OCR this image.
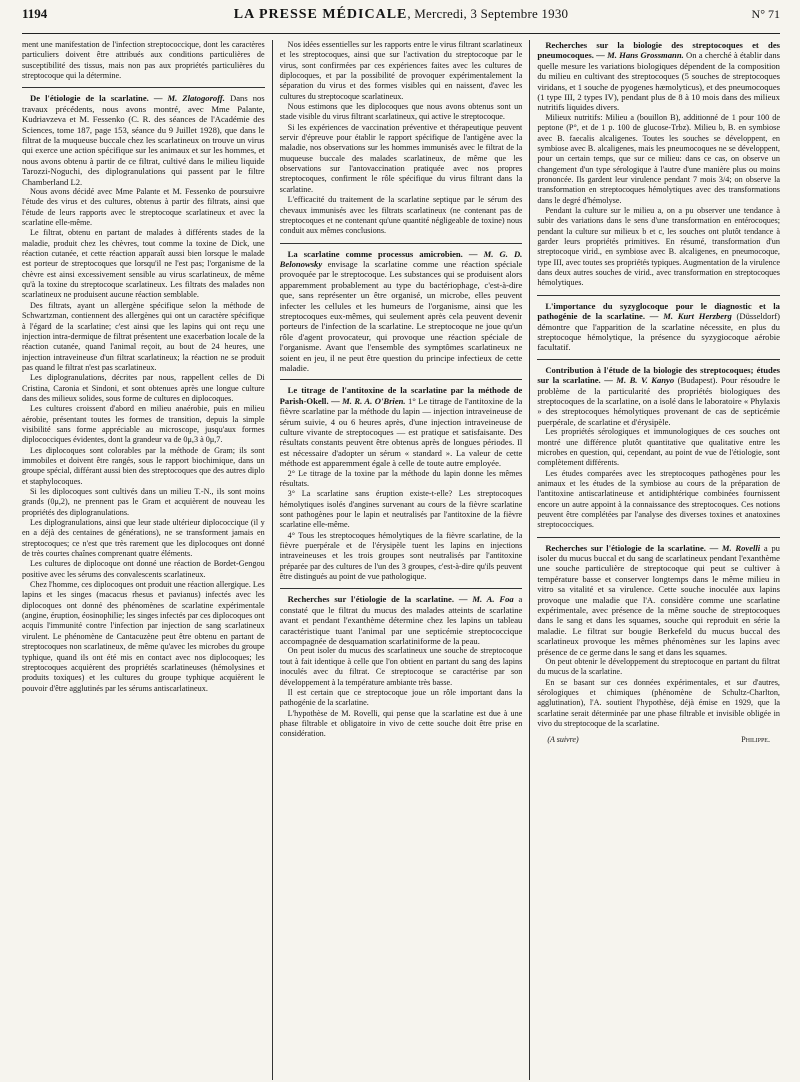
1194	LA PRESSE MÉDICALE, Mercredi, 3 Septembre 1930	N° 71

ment une manifestation de l'infection streptococcique, dont les caractères particuliers doivent être attribués aux conditions particulières de susceptibilité des tissus, mais non pas aux propriétés particulières du streptocoque qui la détermine.

De l'étiologie de la scarlatine. — M. Zlatogoroff. Dans nos travaux précédents, nous avons montré, avec Mme Palante, Kudriavzeva et M. Fessenko (C. R. des séances de l'Académie des Sciences, tome 187, page 153, séance du 9 Juillet 1928), que dans le filtrat de la muqueuse buccale chez les scarlatineux on trouve un virus qui exerce une action spécifique sur les animaux et sur les hommes, et nous avons obtenu à partir de ce filtrat, cultivé dans le milieu liquide Tarozzi-Noguchi, des diplogranulations qui passent par le filtre Chamberland L2.

Nous avons décidé avec Mme Palante et M. Fessenko de poursuivre l'étude des virus et des cultures, obtenus à partir des filtrats, ainsi que l'étude de leurs rapports avec le streptocoque scarlatineux et avec la scarlatine elle-même.

Le filtrat, obtenu en partant de malades à différents stades de la maladie, produit chez les chèvres, tout comme la toxine de Dick, une réaction cutanée, et cette réaction apparaît aussi bien lorsque le malade est porteur de streptocoques que lorsqu'il ne l'est pas; l'organisme de la chèvre est ainsi excessivement sensible au virus scarlatineux, de même qu'à la toxine du streptocoque scarlatineux. Les filtrats des malades non scarlatineux ne produisent aucune réaction semblable.

Des filtrats, ayant un allergène spécifique selon la méthode de Schwartzman, contiennent des allergènes qui ont un caractère spécifique à l'égard de la scarlatine; c'est ainsi que les lapins qui ont reçu une injection intra-dermique de filtrat présentent une exacerbation locale de la réaction cutanée, quand l'animal reçoit, au bout de 24 heures, une injection intraveineuse d'un filtrat scarlatineux; la réaction ne se produit pas quand le filtrat n'est pas scarlatineux.

Les diplogranulations, décrites par nous, rappellent celles de Di Cristina, Caronia et Sindoni, et sont obtenues après une longue culture dans des milieux solides, sous forme de cultures en diplocoques.

Les cultures croissent d'abord en milieu anaérobie, puis en milieu aérobie, présentant toutes les formes de transition, depuis la simple visibilité sans forme appréciable au microscope, jusqu'aux formes diplococciques évidentes, dont la grandeur va de 0μ,3 à 0μ,7.

Les diplocoques sont colorables par la méthode de Gram; ils sont immobiles et doivent être rangés, sous le rapport biochimique, dans un groupe spécial, différant aussi bien des streptocoques que des autres diplo et staphylocoques.

Si les diplocoques sont cultivés dans un milieu T.-N., ils sont moins grands (0μ,2), ne prennent pas le Gram et acquièrent de nouveau les propriétés des diplogranulations.

Les diplogranulations, ainsi que leur stade ultérieur diplococcique (il y en a déjà des centaines de générations), ne se transforment jamais en streptocoques; ce n'est que très rarement que les diplocoques ont donné de très courtes chaînes comprenant quatre éléments.

Les cultures de diplocoque ont donné une réaction de Bordet-Gengou positive avec les sérums des convalescents scarlatineux.

Chez l'homme, ces diplocoques ont produit une réaction allergique. Les lapins et les singes (macacus rhesus et pavianus) infectés avec les diplocoques ont donné des phénomènes de scarlatine expérimentale (angine, éruption, éosinophilie; les singes infectés par ces diplocoques ont acquis l'immunité contre l'infection par injection de sang scarlatineux virulent. Le phénomène de Cantacuzène peut être obtenu en partant de streptocoques non scarlatineux, de même qu'avec les microbes du groupe typhique, quand ils ont été mis en contact avec nos diplocoques; les streptocoques acquièrent des propriétés scarlatineuses (hémolysines et produits toxiques) et les cultures du groupe typhique acquièrent le pouvoir d'être agglutinés par les sérums antiscarlatineux.

Nos idées essentielles sur les rapports entre le virus filtrant scarlatineux et les streptocoques, ainsi que sur l'activation du streptocoque par le virus, sont confirmées par ces expériences faites avec les cultures de diplocoques, et par la possibilité de provoquer expérimentalement la séparation du virus et des formes visibles qui en naissent, d'avec les cultures du streptocoque scarlatineux.

Nous estimons que les diplocoques que nous avons obtenus sont un stade visible du virus filtrant scarlatineux, qui active le streptocoque.

Si les expériences de vaccination préventive et thérapeutique peuvent servir d'épreuve pour établir le rapport spécifique de l'antigène avec la maladie, nos observations sur les hommes immunisés avec le filtrat de la muqueuse buccale des malades scarlatineux, de même que les observations sur l'antovaccination pratiquée avec nos propres streptocoques, confirment le rôle spécifique du virus filtrant dans la scarlatine.

L'efficacité du traitement de la scarlatine septique par le sérum des chevaux immunisés avec les filtrats scarlatineux (ne contenant pas de streptocoques et ne contenant qu'une quantité négligeable de toxine) nous conduit aux mêmes conclusions.

La scarlatine comme processus amicrobien. — M. G. D. Belonowsky envisage la scarlatine comme une réaction spéciale provoquée par le streptocoque. Les substances qui se produisent alors apparemment probablement au type du bactériophage, c'est-à-dire que, sans représenter un être organisé, un microbe, elles peuvent infecter les cellules et les humeurs de l'organisme, ainsi que les streptocoques eux-mêmes, qui seulement après cela peuvent devenir porteurs de l'infection de la scarlatine. Le streptocoque ne joue qu'un rôle d'agent provocateur, qui provoque une réaction spéciale de l'organisme. Avant que l'ensemble des symptômes scarlatineux ne soient en jeu, il ne peut être question du principe infectieux de cette maladie.
Le titrage de l'antitoxine de la scarlatine par la méthode de Parish-Okell. — M. R. A. O'Brien. 1° Le titrage de l'antitoxine de la fièvre scarlatine par la méthode du lapin — injection intraveineuse de sérum suivie, 4 ou 6 heures après, d'une injection intraveineuse de culture vivante de streptocoques — est pratique et satisfaisante. Des résultats constants peuvent être obtenus après de longues périodes. Il est nécessaire d'adopter un sérum « standard ». La valeur de cette méthode est apparemment égale à celle de toute autre employée.

2° Le titrage de la toxine par la méthode du lapin donne les mêmes résultats.

3° La scarlatine sans éruption existe-t-elle? Les streptocoques hémolytiques isolés d'angines survenant au cours de la fièvre scarlatine sont pathogènes pour le lapin et neutralisés par l'antitoxine de la fièvre scarlatine elle-même.

4° Tous les streptocoques hémolytiques de la fièvre scarlatine, de la fièvre puerpérale et de l'érysipèle tuent les lapins en injections intraveineuses et les trois groupes sont neutralisés par l'antitoxine préparée par des cultures de l'un des 3 groupes, c'est-à-dire qu'ils peuvent être distingués au point de vue pathologique.

Recherches sur l'étiologie de la scarlatine. — M. A. Foa a constaté que le filtrat du mucus des malades atteints de scarlatine avant et pendant l'exanthème détermine chez les lapins un tableau caractéristique tuant l'animal par une septicémie streptococcique accompagnée de desquamation scarlatiniforme de la peau.

On peut isoler du mucus des scarlatineux une souche de streptocoque tout à fait identique à celle que l'on obtient en partant du sang des lapins inoculés avec du filtrat. Ce streptocoque se caractérise par son développement à la température ambiante très basse.

Il est certain que ce streptocoque joue un rôle important dans la pathogénie de la scarlatine.

L'hypothèse de M. Rovelli, qui pense que la scarlatine est due à une phase filtrable et obligatoire in vivo de cette souche doit être prise en considération.

Recherches sur la biologie des streptocoques et des pneumocoques. — M. Hans Grossmann. On a cherché à établir dans quelle mesure les variations biologiques dépendent de la composition du milieu en cultivant des streptocoques (5 souches de streptocoques viridans, et 1 souche de pyogenes hæmolyticus), et des pneumocoques (1 type III, 2 types IV), pendant plus de 8 à 10 mois dans des milieux nutritifs liquides divers.

Milieux nutritifs: Milieu a (bouillon B), additionné de 1 pour 100 de peptone (P°, et de 1 p. 100 de glucose-Trbz). Milieu b, B. en symbiose avec B. faecalis alcaligenes. Toutes les souches se développent, en symbiose avec B. alcaligenes, mais les pneumocoques ne se développent, pour un certain temps, que sur ce milieu: dans ce cas, on observe un changement d'un type sérologique à l'autre d'une manière plus ou moins prononcée. Ils gardent leur virulence pendant 7 mois 3/4; on observe la transformation en streptocoques hémolytiques avec des transformations dans le degré d'hémolyse.

Pendant la culture sur le milieu a, on a pu observer une tendance à subir des variations dans le sens d'une transformation en entérocoques; pendant la culture sur milieux b et c, les souches ont plutôt tendance à garder leurs propriétés primitives. En résumé, transformation d'un streptocoque virid., en symbiose avec B. alcaligenes, en pneumocoque, type III, avec toutes ses propriétés typiques. Augmentation de la virulence dans deux autres souches de virid., avec transformation en streptocoques hémolytiques.

L'importance du syzyglocoque pour le diagnostic et la pathogénie de la scarlatine. — M. Kurt Herzberg (Düsseldorf) démontre que l'apparition de la scarlatine nécessite, en plus du streptocoque hémolytique, la présence du syzygiocoque aérobie facultatif.
Contribution à l'étude de la biologie des streptocoques; études sur la scarlatine. — M. B. V. Kanyo (Budapest). Pour résoudre le problème de la particularité des propriétés biologiques des streptocoques de la scarlatine, on a isolé dans le laboratoire « Phylaxis » des streptocoques hémolytiques provenant de cas de septicémie puerpérale, de scarlatine et d'érysipèle.

Les propriétés sérologiques et immunologiques de ces souches ont montré une différence plutôt quantitative que qualitative entre les microbes en question, qui, cependant, au point de vue de l'étiologie, sont complètement différents.

Les études comparées avec les streptocoques pathogènes pour les animaux et les études de la symbiose au cours de la préparation de l'antitoxine antiscarlatineuse et antidiphtérique combinées fournissent encore un autre appoint à la connaissance des streptocoques. Ces notions peuvent être complétées par l'analyse des diverses toxines et anatoxines streptococciques.

Recherches sur l'étiologie de la scarlatine. — M. Rovelli a pu isoler du mucus buccal et du sang de scarlatineux pendant l'exanthème une souche particulière de streptocoque qui peut se cultiver à température basse et conserver longtemps dans le même milieu in vitro sa vitalité et sa virulence. Cette souche inoculée aux lapins provoque une maladie que l'A. considère comme une scarlatine expérimentale, avec présence de la même souche de streptocoques dans le sang et dans les squames, souche qui reproduit en série la maladie. Le filtrat sur bougie Berkefeld du mucus buccal des scarlatineux provoque les mêmes phénomènes sur les lapins avec présence de ce germe dans le sang et dans les squames.

On peut obtenir le développement du streptocoque en partant du filtrat du mucus de la scarlatine.

En se basant sur ces données expérimentales, et sur d'autres, sérologiques et chimiques (phénomène de Schultz-Charlton, agglutination), l'A. soutient l'hypothèse, déjà émise en 1929, que la scarlatine serait déterminée par une phase filtrable et invisible obligée in vivo du streptocoque de la scarlatine.

(A suivre)	Philippe.
